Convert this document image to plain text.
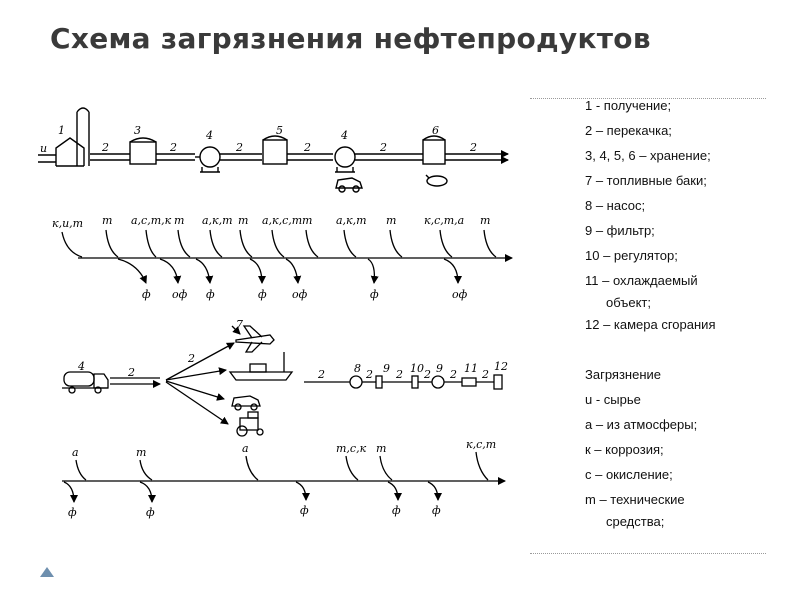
Схема загрязнения нефтепродуктов
1 - получение;
2 – перекачка;
3, 4, 5, 6 – хранение;
7 – топливные баки;
8 – насос;
9 – фильтр;
10 – регулятор;
11 – охлаждаемый
объект;
12 – камера сгорания
Загрязнение
u - сырье
a – из атмосферы;
к – коррозия;
с – окисление;
m – технические
средства;
u
1	3	4	5	4	6
2	2	2	2	2	2
к,и,т т а,с,т,к т а,к,т т а,к,с,т т а,к,т т	к,с,т,а т
ф оф ф	ф оф	ф	оф
4	2
2
7
2	8 2 9 2 10 2 9 2 11 2
12
а	т	а	т,с,к т	к,с,т
ф	ф	ф	ф	ф
